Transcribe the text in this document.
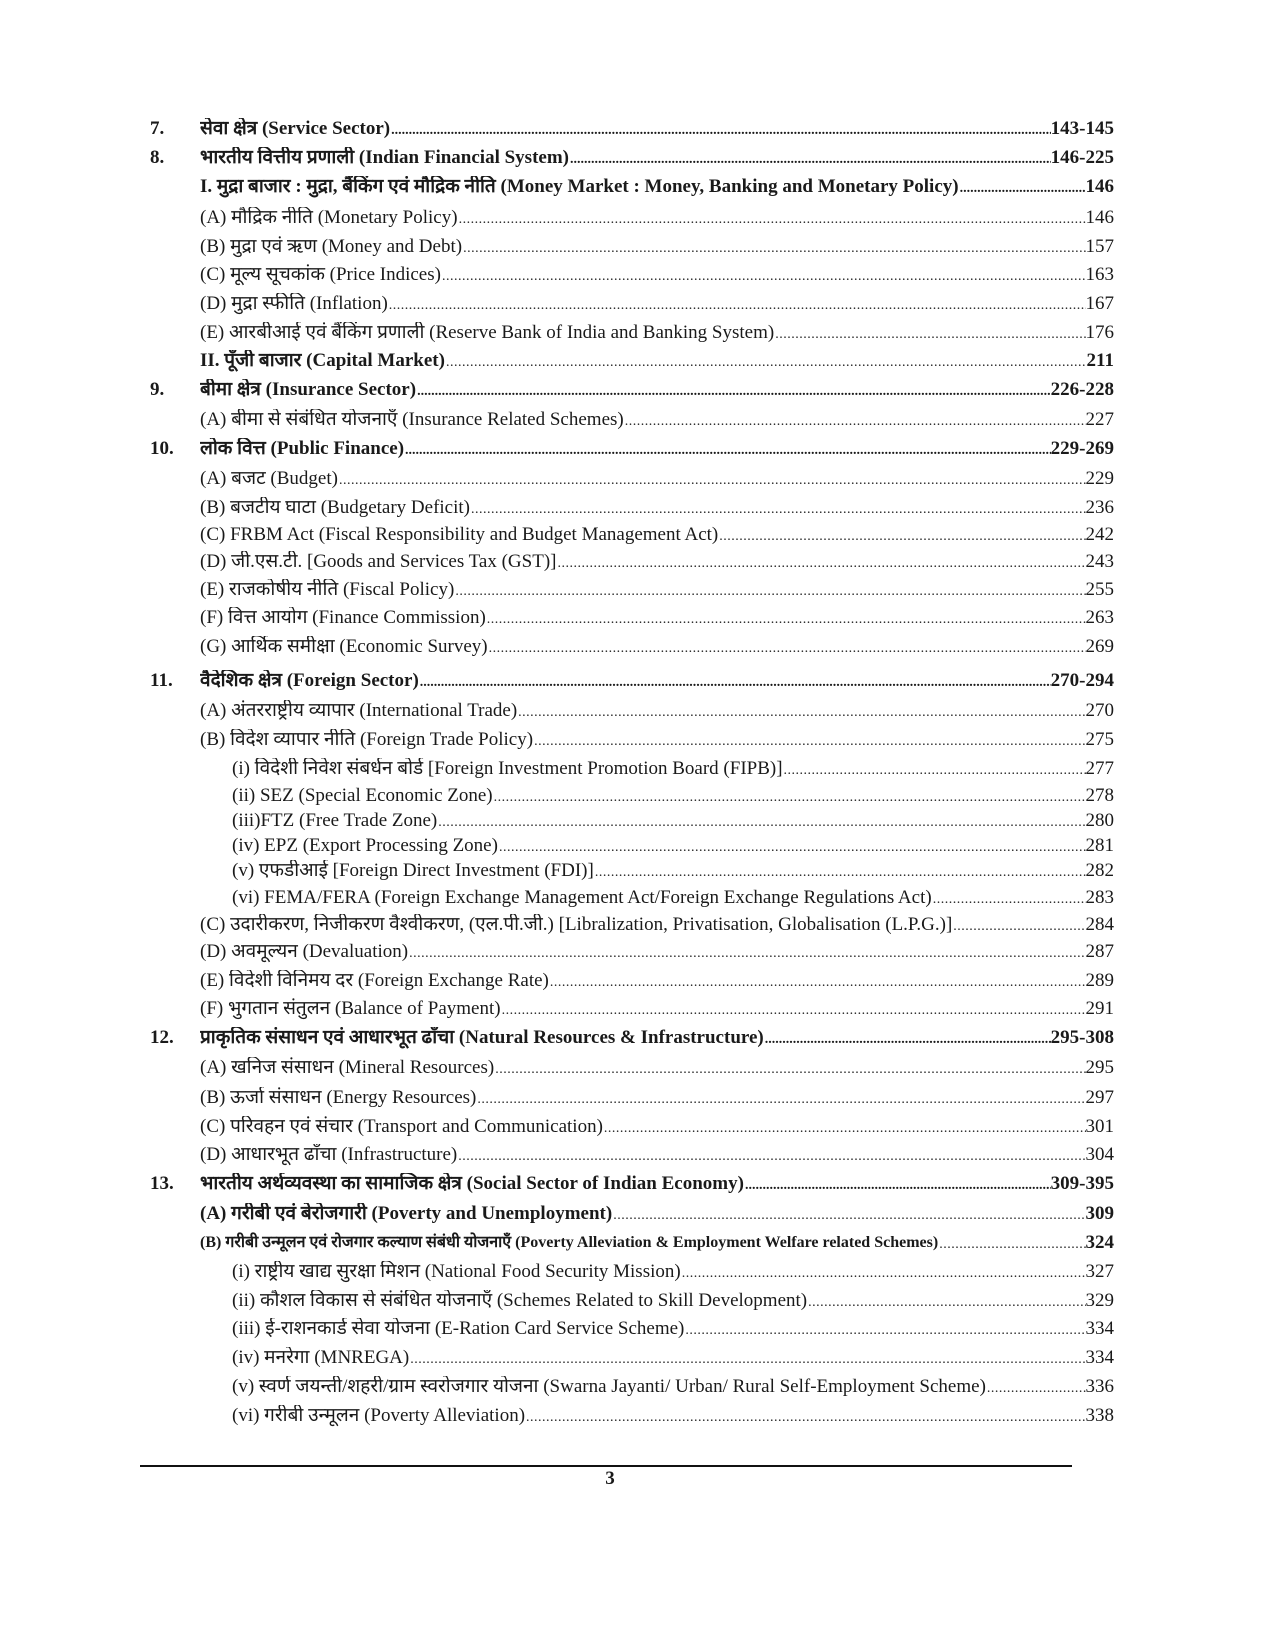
7. सेवा क्षेत्र (Service Sector) .....	143-145
8. भारतीय वित्तीय प्रणाली (Indian Financial System) .....	146-225
I. मुद्रा बाजार : मुद्रा, बैंकिंग एवं मौद्रिक नीति (Money Market : Money, Banking and Monetary Policy) .....	146
(A) मौद्रिक नीति (Monetary Policy) .....	146
(B) मुद्रा एवं ऋण (Money and Debt) .....	157
(C) मूल्य सूचकांक (Price Indices) .....	163
(D) मुद्रा स्फीति (Inflation) .....	167
(E) आरबीआई एवं बैंकिंग प्रणाली (Reserve Bank of India and Banking System) .....	176
II. पूँजी बाजार (Capital Market) .....	211
9. बीमा क्षेत्र (Insurance Sector) .....	226-228
(A) बीमा से संबंधित योजनाएँ (Insurance Related Schemes) .....	227
10. लोक वित्त (Public Finance) .....	229-269
(A) बजट (Budget) .....	229
(B) बजटीय घाटा (Budgetary Deficit) .....	236
(C) FRBM Act (Fiscal Responsibility and Budget Management Act) .....	242
(D) जी.एस.टी. [Goods and Services Tax (GST)] .....	243
(E) राजकोषीय नीति (Fiscal Policy) .....	255
(F) वित्त आयोग (Finance Commission) .....	263
(G) आर्थिक समीक्षा (Economic Survey) .....	269
11. वैदेशिक क्षेत्र (Foreign Sector) .....	270-294
(A) अंतरराष्ट्रीय व्यापार (International Trade) .....	270
(B) विदेश व्यापार नीति (Foreign Trade Policy) .....	275
(i) विदेशी निवेश संबर्धन बोर्ड [Foreign Investment Promotion Board (FIPB)] .....	277
(ii) SEZ (Special Economic Zone) .....	278
(iii)FTZ (Free Trade Zone) .....	280
(iv) EPZ (Export Processing Zone) .....	281
(v) एफडीआई [Foreign Direct Investment (FDI)] .....	282
(vi) FEMA/FERA (Foreign Exchange Management Act/Foreign Exchange Regulations Act) .....	283
(C) उदारीकरण, निजीकरण वैश्वीकरण, (एल.पी.जी.) [Libralization, Privatisation, Globalisation (L.P.G.)] .....	284
(D) अवमूल्यन (Devaluation) .....	287
(E) विदेशी विनिमय दर (Foreign Exchange Rate) .....	289
(F) भुगतान संतुलन (Balance of Payment) .....	291
12. प्राकृतिक संसाधन एवं आधारभूत ढाँचा (Natural Resources & Infrastructure) .....	295-308
(A) खनिज संसाधन (Mineral Resources) .....	295
(B) ऊर्जा संसाधन (Energy Resources) .....	297
(C) परिवहन एवं संचार (Transport and Communication) .....	301
(D) आधारभूत ढाँचा (Infrastructure) .....	304
13. भारतीय अर्थव्यवस्था का सामाजिक क्षेत्र (Social Sector of Indian Economy) .....	309-395
(A) गरीबी एवं बेरोजगारी (Poverty and Unemployment) .....	309
(B) गरीबी उन्मूलन एवं रोजगार कल्याण संबंधी योजनाएँ (Poverty Alleviation & Employment Welfare related Schemes) .....	324
(i) राष्ट्रीय खाद्य सुरक्षा मिशन (National Food Security Mission) .....	327
(ii) कौशल विकास से संबंधित योजनाएँ (Schemes Related to Skill Development) .....	329
(iii) ई-राशनकार्ड सेवा योजना (E-Ration Card Service Scheme) .....	334
(iv) मनरेगा (MNREGA) .....	334
(v) स्वर्ण जयन्ती/शहरी/ग्राम स्वरोजगार योजना (Swarna Jayanti/ Urban/ Rural Self-Employment Scheme) .....	336
(vi) गरीबी उन्मूलन (Poverty Alleviation) .....	338
3
